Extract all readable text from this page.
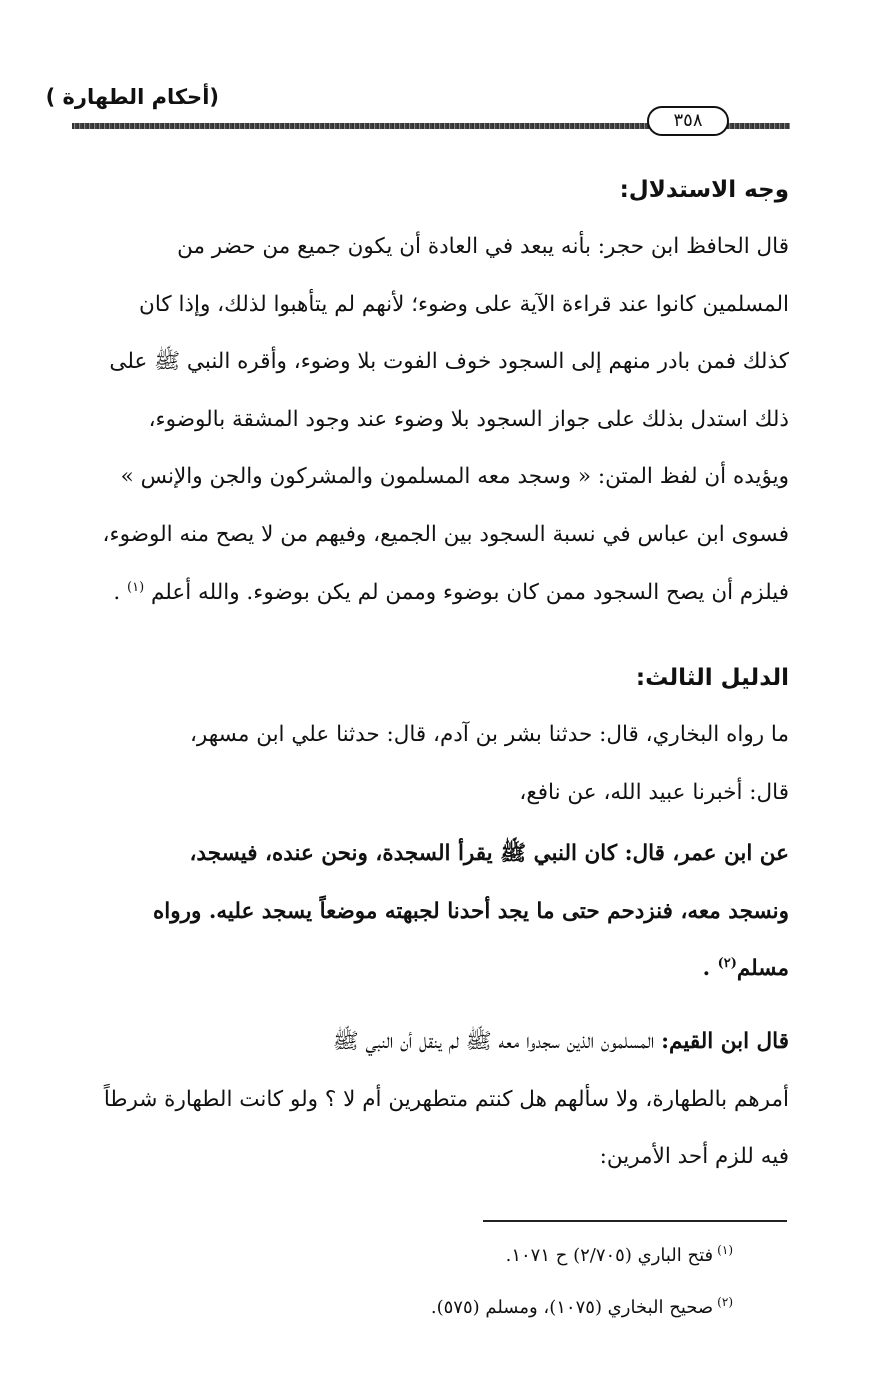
(أحكام الطهارة )
٣٥٨
وجه الاستدلال:
قال الحافظ ابن حجر: بأنه يبعد في العادة أن يكون جميع من حضر من
المسلمين كانوا عند قراءة الآية على وضوء؛ لأنهم لم يتأهبوا لذلك، وإذا كان
كذلك فمن بادر منهم إلى السجود خوف الفوت بلا وضوء، وأقره النبي ﷺ على
ذلك استدل بذلك على جواز السجود بلا وضوء عند وجود المشقة بالوضوء،
ويؤيده أن لفظ المتن: « وسجد معه المسلمون والمشركون والجن والإنس »
فسوى ابن عباس في نسبة السجود بين الجميع، وفيهم من لا يصح منه الوضوء،
فيلزم أن يصح السجود ممن كان بوضوء وممن لم يكن بوضوء. والله أعلم $^{(١)}$ .
الدليل الثالث:
ما رواه البخاري، قال: حدثنا بشر بن آدم، قال: حدثنا علي ابن مسهر،
قال: أخبرنا عبيد الله، عن نافع،
عن ابن عمر، قال: كان النبي ﷺ يقرأ السجدة، ونحن عنده، فيسجد،
ونسجد معه، فنزدحم حتى ما يجد أحدنا لجبهته موضعاً يسجد عليه. ورواه
مسلم$^{(٢)}$ .
قال ابن القيم: المسلمون الذين سجدوا معه ﷺ لم ينقل أن النبي ﷺ
أمرهم بالطهارة، ولا سألهم هل كنتم متطهرين أم لا ؟ ولو كانت الطهارة شرطاً
فيه للزم أحد الأمرين:
$^{(١)}$فتح الباري (٢/٧٠٥) ح ١٠٧١.
$^{(٢)}$صحيح البخاري (١٠٧٥)، ومسلم (٥٧٥).
